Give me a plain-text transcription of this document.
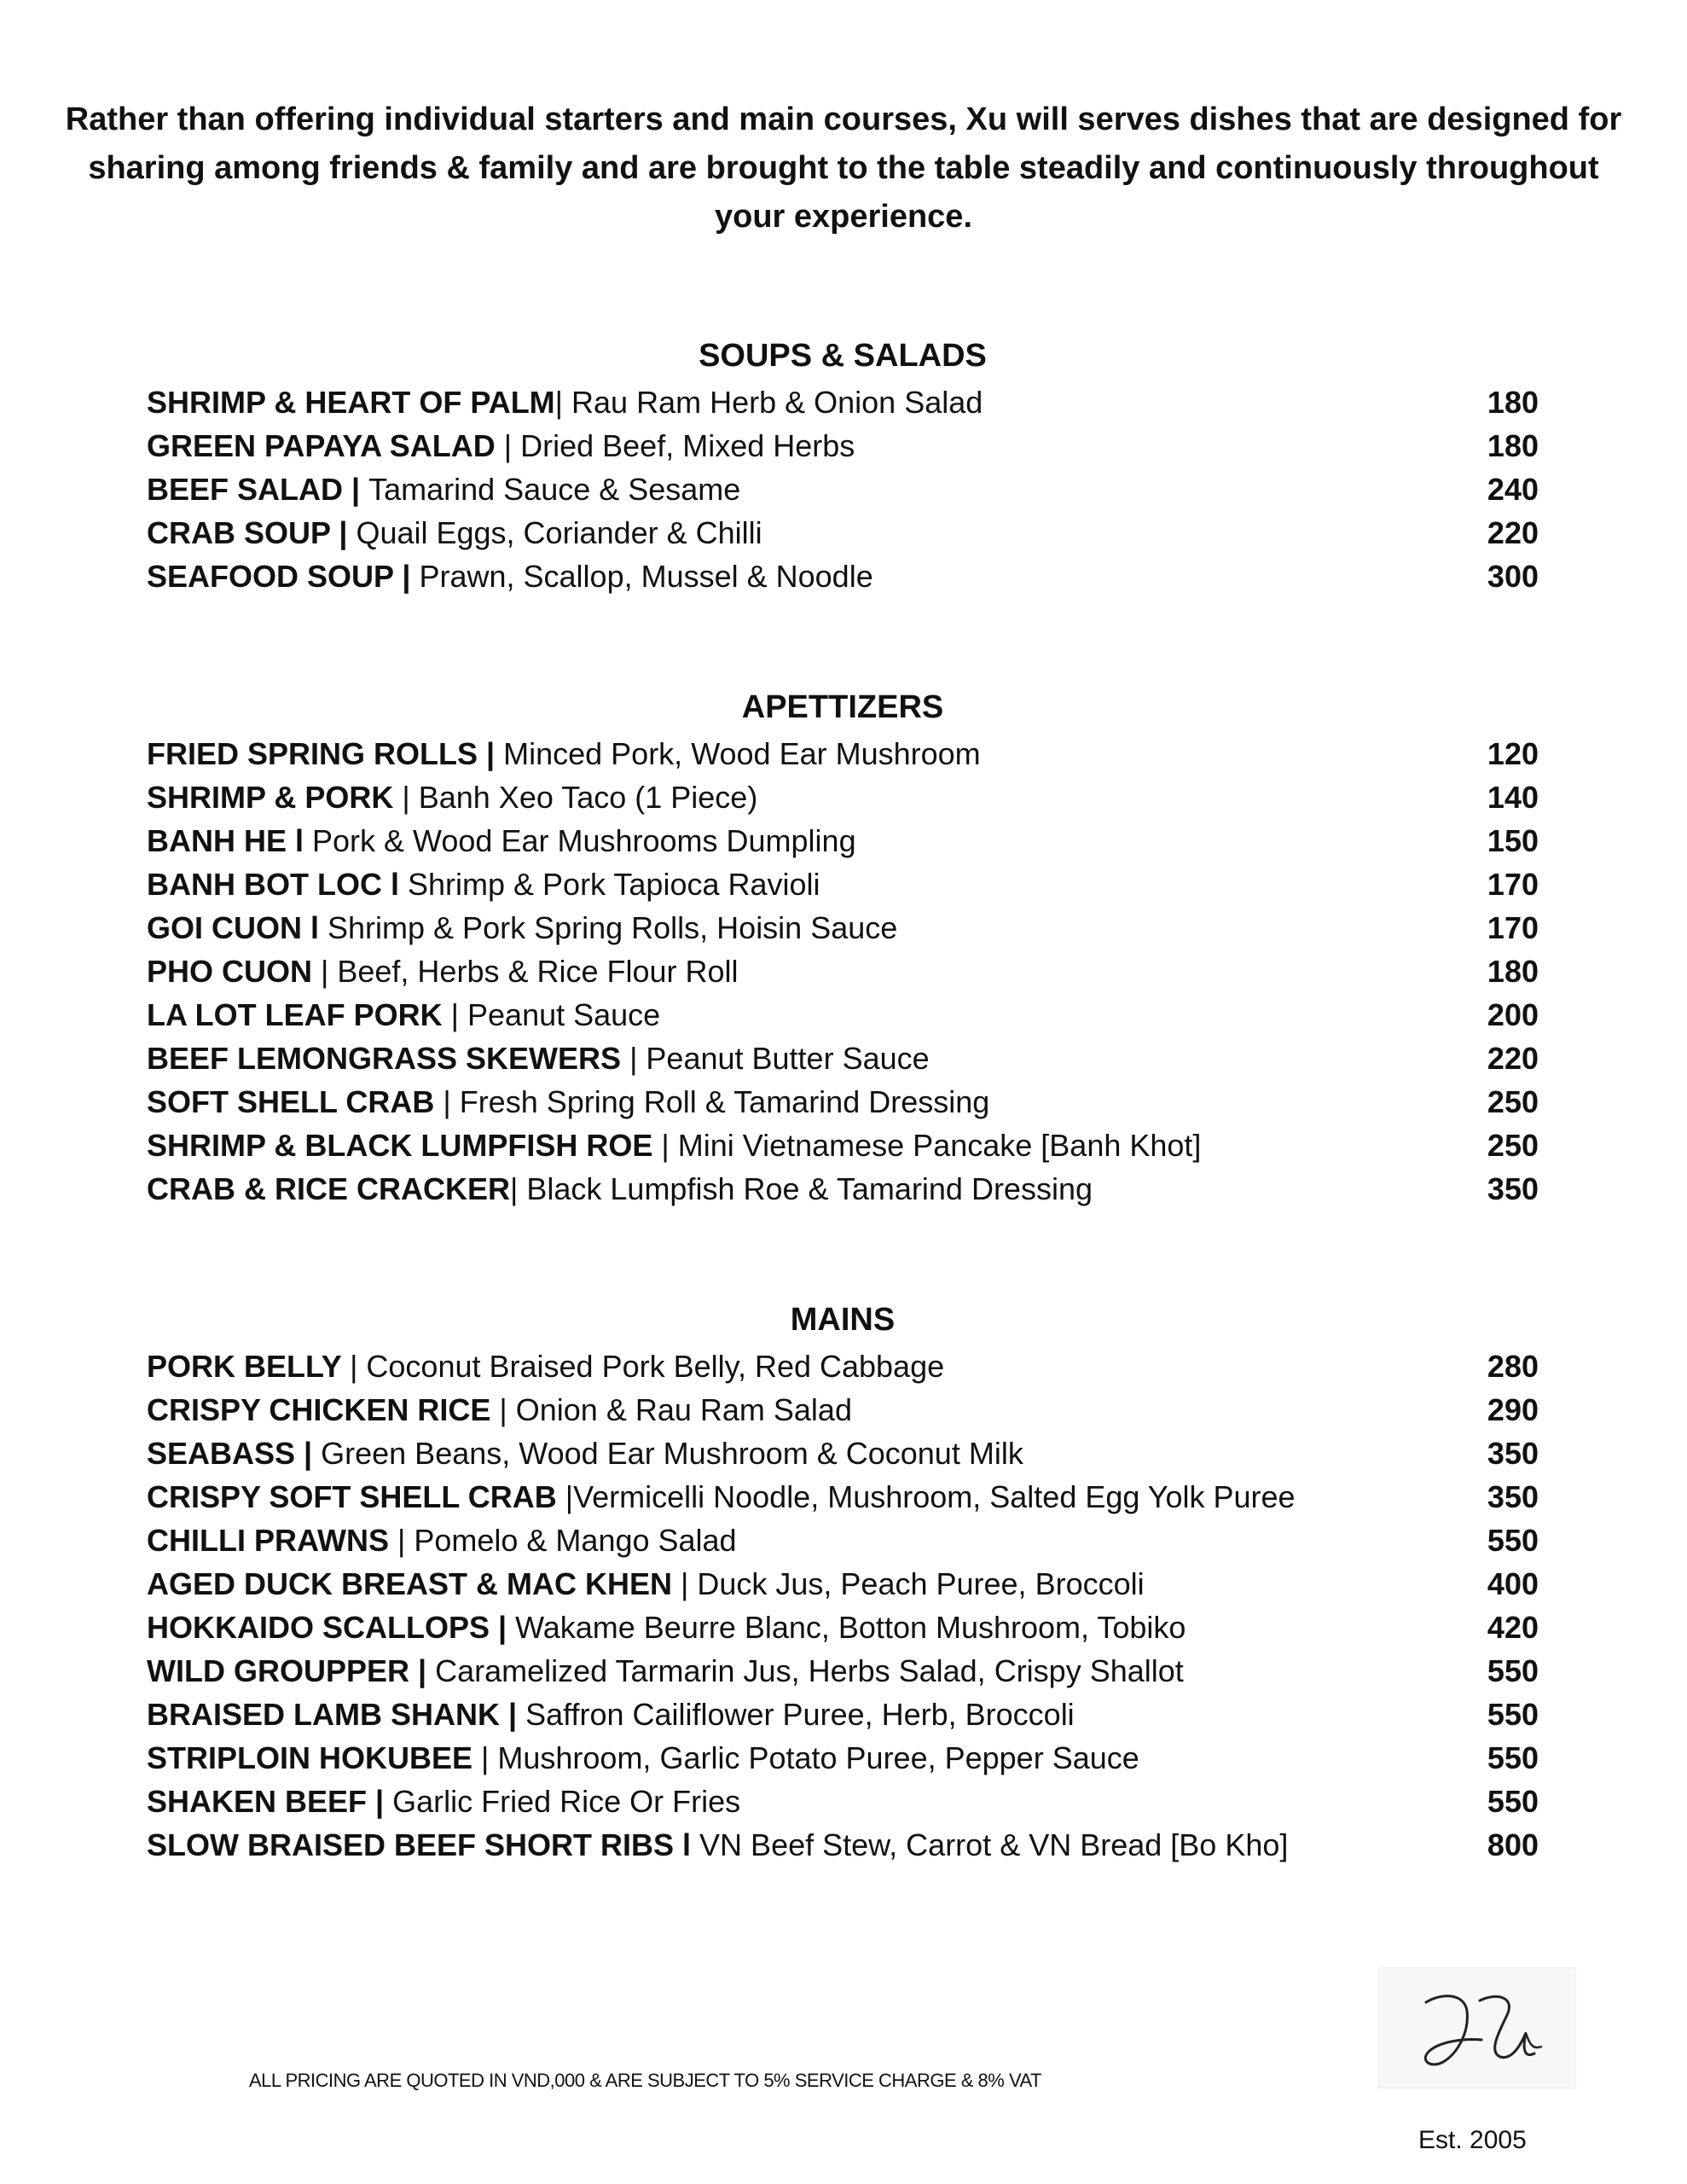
Rather than offering individual starters and main courses, Xu will serves dishes that are designed for sharing among friends & family and are brought to the table steadily and continuously throughout your experience.
SOUPS & SALADS
SHRIMP & HEART OF PALM| Rau Ram Herb & Onion Salad	180
GREEN PAPAYA SALAD | Dried Beef, Mixed Herbs	180
BEEF SALAD | Tamarind Sauce & Sesame	240
CRAB SOUP | Quail Eggs, Coriander & Chilli	220
SEAFOOD SOUP | Prawn, Scallop, Mussel & Noodle	300
APETTIZERS
FRIED SPRING ROLLS | Minced Pork, Wood Ear Mushroom	120
SHRIMP & PORK | Banh Xeo Taco (1 Piece)	140
BANH HE l Pork & Wood Ear Mushrooms Dumpling	150
BANH BOT LOC l Shrimp & Pork Tapioca Ravioli	170
GOI CUON l Shrimp & Pork Spring Rolls, Hoisin Sauce	170
PHO CUON | Beef, Herbs & Rice Flour Roll	180
LA LOT LEAF PORK | Peanut Sauce	200
BEEF LEMONGRASS SKEWERS | Peanut Butter Sauce	220
SOFT SHELL CRAB | Fresh Spring Roll & Tamarind Dressing	250
SHRIMP & BLACK LUMPFISH ROE | Mini Vietnamese Pancake [Banh Khot]	250
CRAB & RICE CRACKER| Black Lumpfish Roe & Tamarind Dressing	350
MAINS
PORK BELLY | Coconut Braised Pork Belly, Red Cabbage	280
CRISPY CHICKEN RICE | Onion & Rau Ram Salad	290
SEABASS | Green Beans, Wood Ear Mushroom & Coconut Milk	350
CRISPY SOFT SHELL CRAB |Vermicelli Noodle, Mushroom, Salted Egg Yolk Puree	350
CHILLI PRAWNS | Pomelo & Mango Salad	550
AGED DUCK BREAST & MAC KHEN | Duck Jus, Peach Puree, Broccoli	400
HOKKAIDO SCALLOPS | Wakame Beurre Blanc, Botton Mushroom, Tobiko	420
WILD GROUPPER | Caramelized Tarmarin Jus, Herbs Salad, Crispy Shallot	550
BRAISED LAMB SHANK | Saffron Cailiflower Puree, Herb, Broccoli	550
STRIPLOIN HOKUBEE | Mushroom, Garlic Potato Puree, Pepper Sauce	550
SHAKEN BEEF | Garlic Fried Rice Or Fries	550
SLOW BRAISED BEEF SHORT RIBS l VN Beef Stew, Carrot & VN Bread [Bo Kho]	800
ALL PRICING ARE QUOTED IN VND,000 & ARE SUBJECT TO 5% SERVICE CHARGE & 8% VAT
Est. 2005
